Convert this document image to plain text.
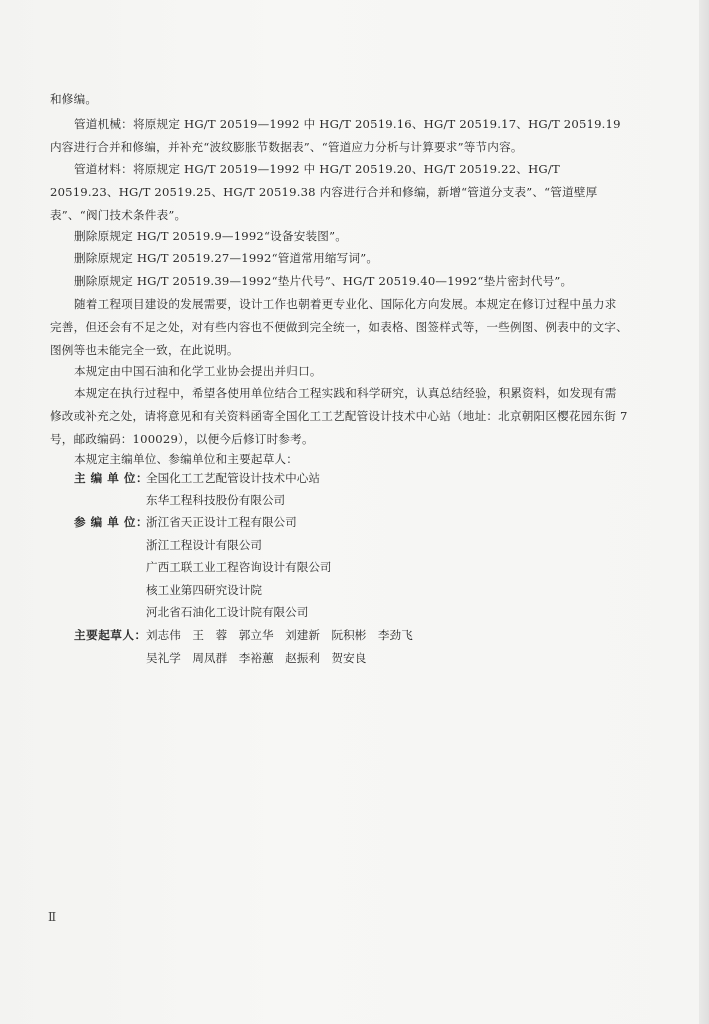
和修编。
管道机械：将原规定 HG/T 20519—1992 中 HG/T 20519.16、HG/T 20519.17、HG/T 20519.19 内容进行合并和修编，并补充“波纹膨胀节数据表”、“管道应力分析与计算要求”等节内容。
管道材料：将原规定 HG/T 20519—1992 中 HG/T 20519.20、HG/T 20519.22、HG/T 20519.23、HG/T 20519.25、HG/T 20519.38 内容进行合并和修编，新增“管道分支表”、“管道壁厚表”、“阀门技术条件表”。
删除原规定 HG/T 20519.9—1992“设备安装图”。
删除原规定 HG/T 20519.27—1992“管道常用缩写词”。
删除原规定 HG/T 20519.39—1992“垫片代号”、HG/T 20519.40—1992“垫片密封代号”。
随着工程项目建设的发展需要，设计工作也朝着更专业化、国际化方向发展。本规定在修订过程中虽力求完善，但还会有不足之处，对有些内容也不便做到完全统一，如表格、图签样式等，一些例图、例表中的文字、图例等也未能完全一致，在此说明。
本规定由中国石油和化学工业协会提出并归口。
本规定在执行过程中，希望各使用单位结合工程实践和科学研究，认真总结经验，积累资料，如发现有需修改或补充之处，请将意见和有关资料函寄全国化工工艺配管设计技术中心站（地址：北京朝阳区樱花园东街 7 号，邮政编码：100029），以便今后修订时参考。
本规定主编单位、参编单位和主要起草人：
主 编 单 位：
全国化工工艺配管设计技术中心站
东华工程科技股份有限公司
参 编 单 位：
浙江省天正设计工程有限公司
浙江工程设计有限公司
广西工联工业工程咨询设计有限公司
核工业第四研究设计院
河北省石油化工设计院有限公司
主要起草人： 刘志伟　王　蓉　郭立华　刘建新　阮积彬　李劲飞
吴礼学　周凤群　李裕蕙　赵振利　贺安良
Ⅱ
